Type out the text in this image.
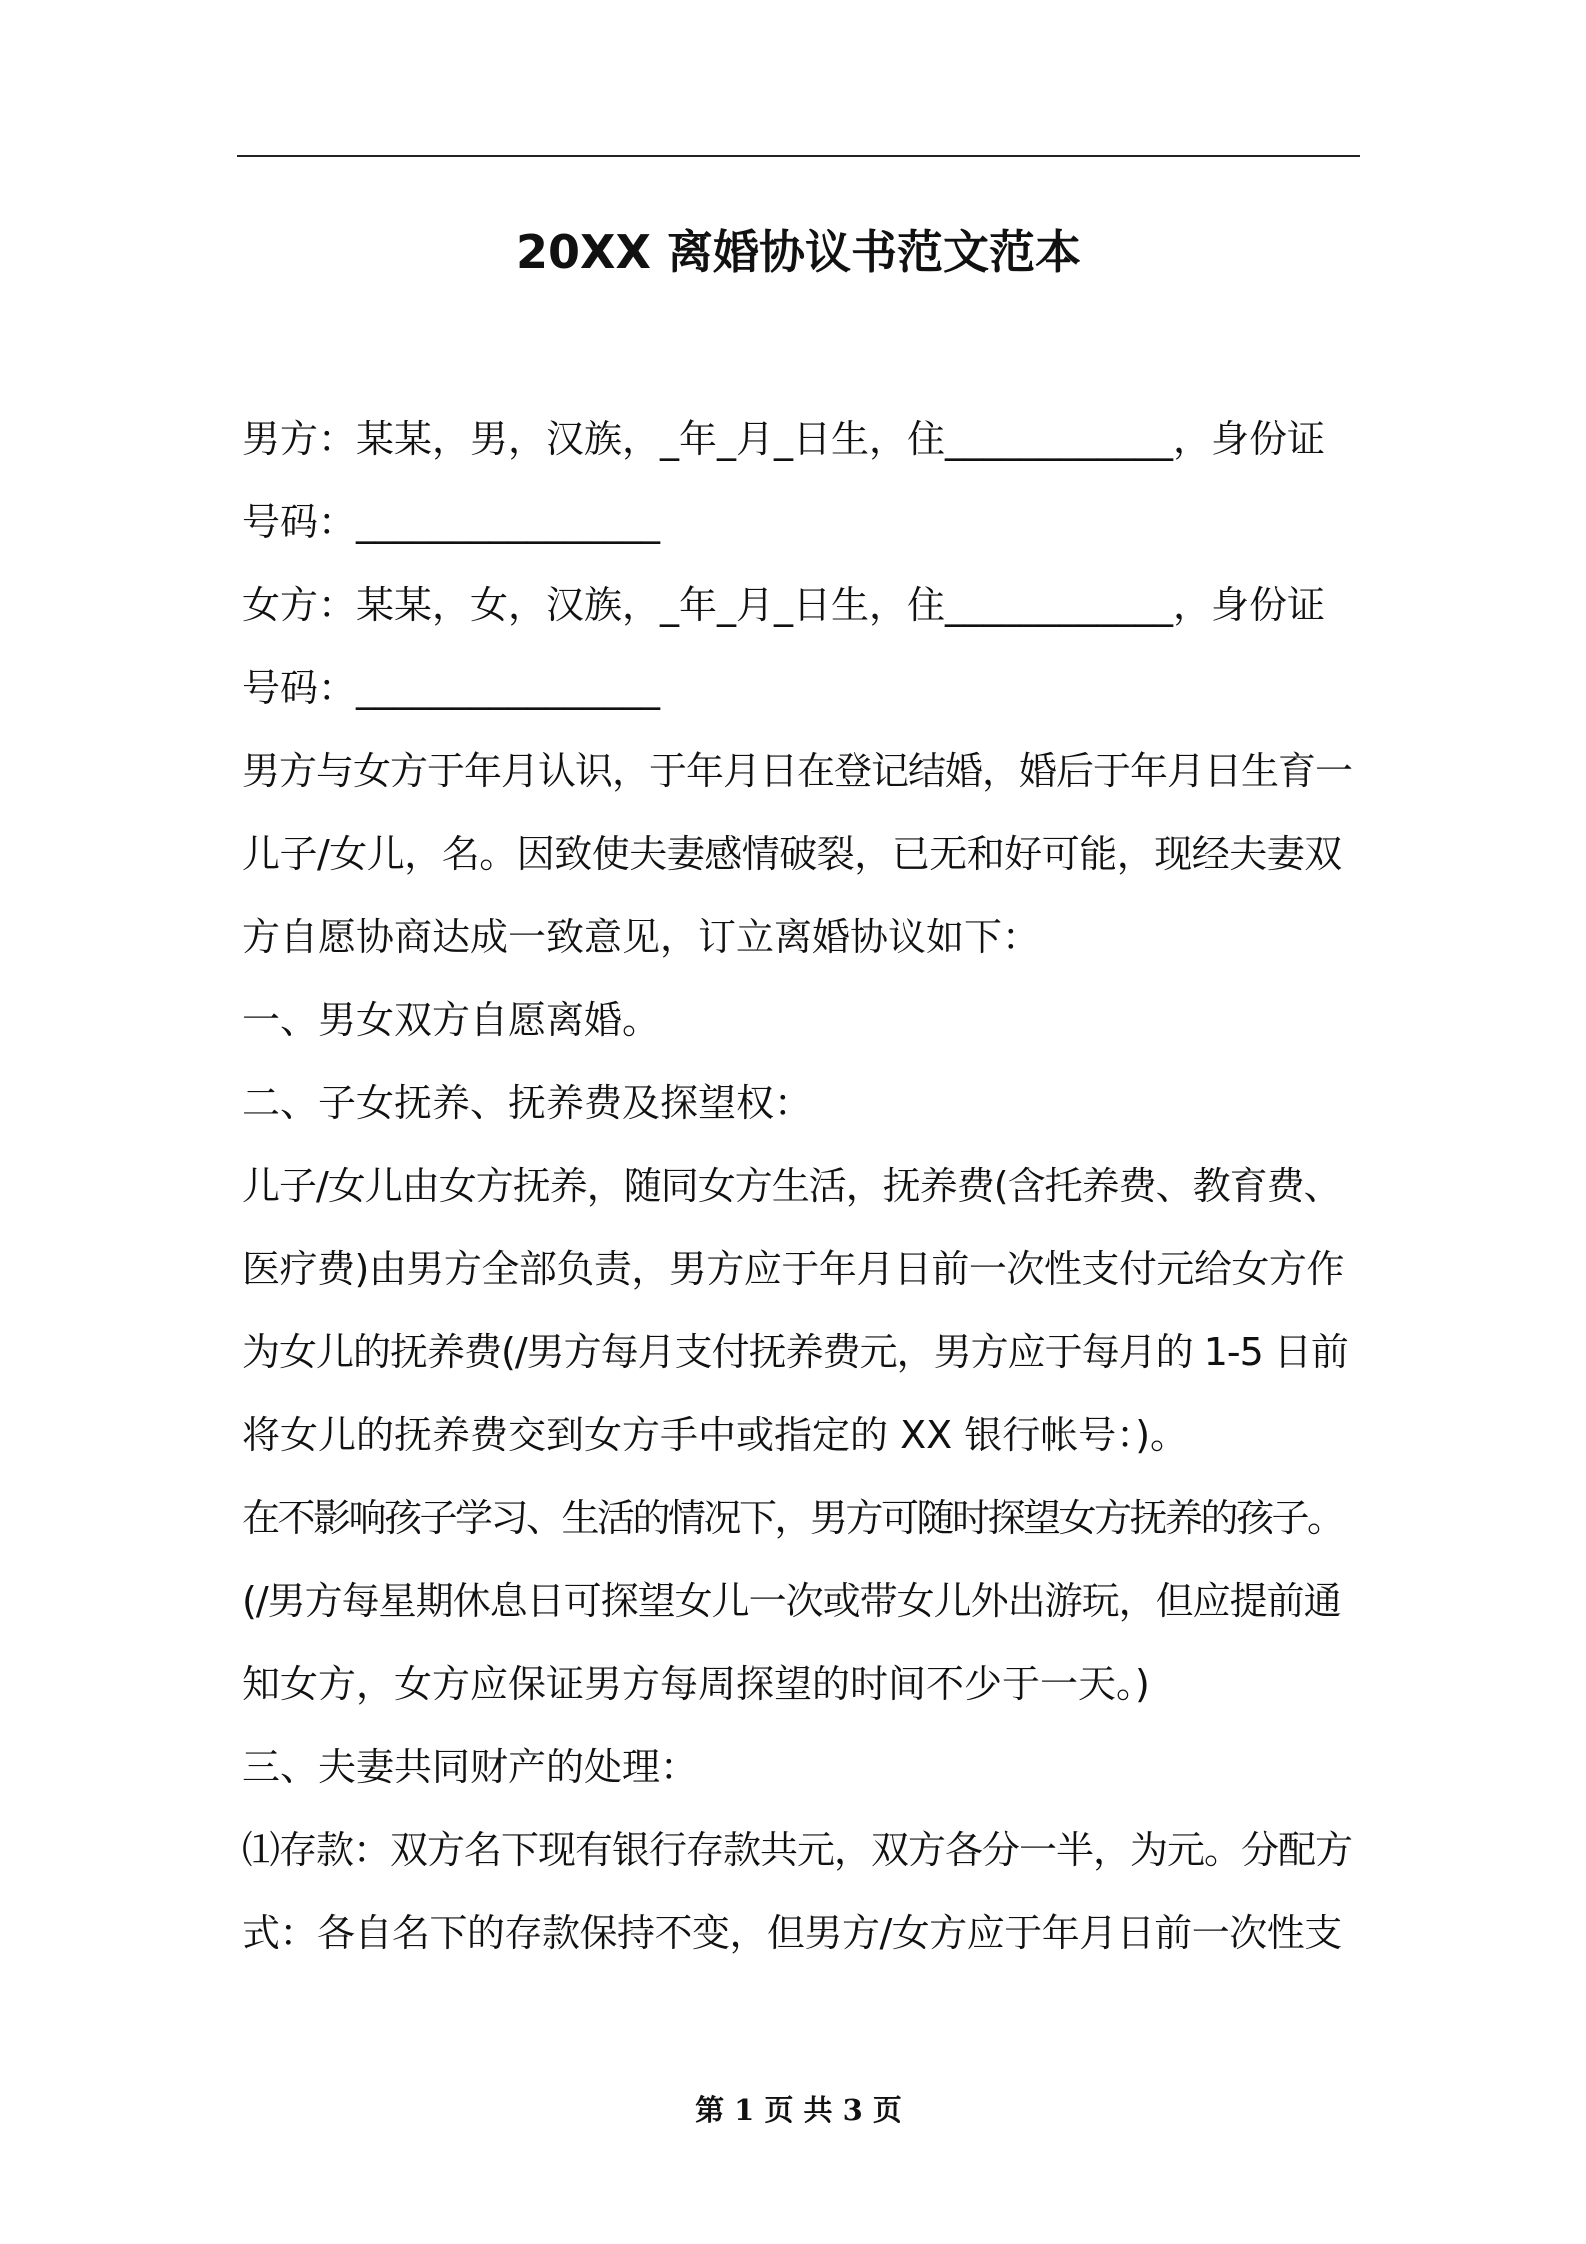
20XX 离婚协议书范文范本
男方：某某，男，汉族，_年_月_日生，住____________，身份证
号码：________________
女方：某某，女，汉族，_年_月_日生，住____________，身份证
号码：________________
男方与女方于年月认识，于年月日在登记结婚，婚后于年月日生育一
儿子/女儿，名。因致使夫妻感情破裂，已无和好可能，现经夫妻双
方自愿协商达成一致意见，订立离婚协议如下：
一、男女双方自愿离婚。
二、子女抚养、抚养费及探望权：
儿子/女儿由女方抚养，随同女方生活，抚养费(含托养费、教育费、
医疗费)由男方全部负责，男方应于年月日前一次性支付元给女方作
为女儿的抚养费(/男方每月支付抚养费元，男方应于每月的 1-5 日前
将女儿的抚养费交到女方手中或指定的 XX 银行帐号：)。
在不影响孩子学习、生活的情况下，男方可随时探望女方抚养的孩子。
(/男方每星期休息日可探望女儿一次或带女儿外出游玩，但应提前通
知女方，女方应保证男方每周探望的时间不少于一天。)
三、夫妻共同财产的处理：
⑴存款：双方名下现有银行存款共元，双方各分一半，为元。分配方
式：各自名下的存款保持不变，但男方/女方应于年月日前一次性支
第 1 页 共 3 页
